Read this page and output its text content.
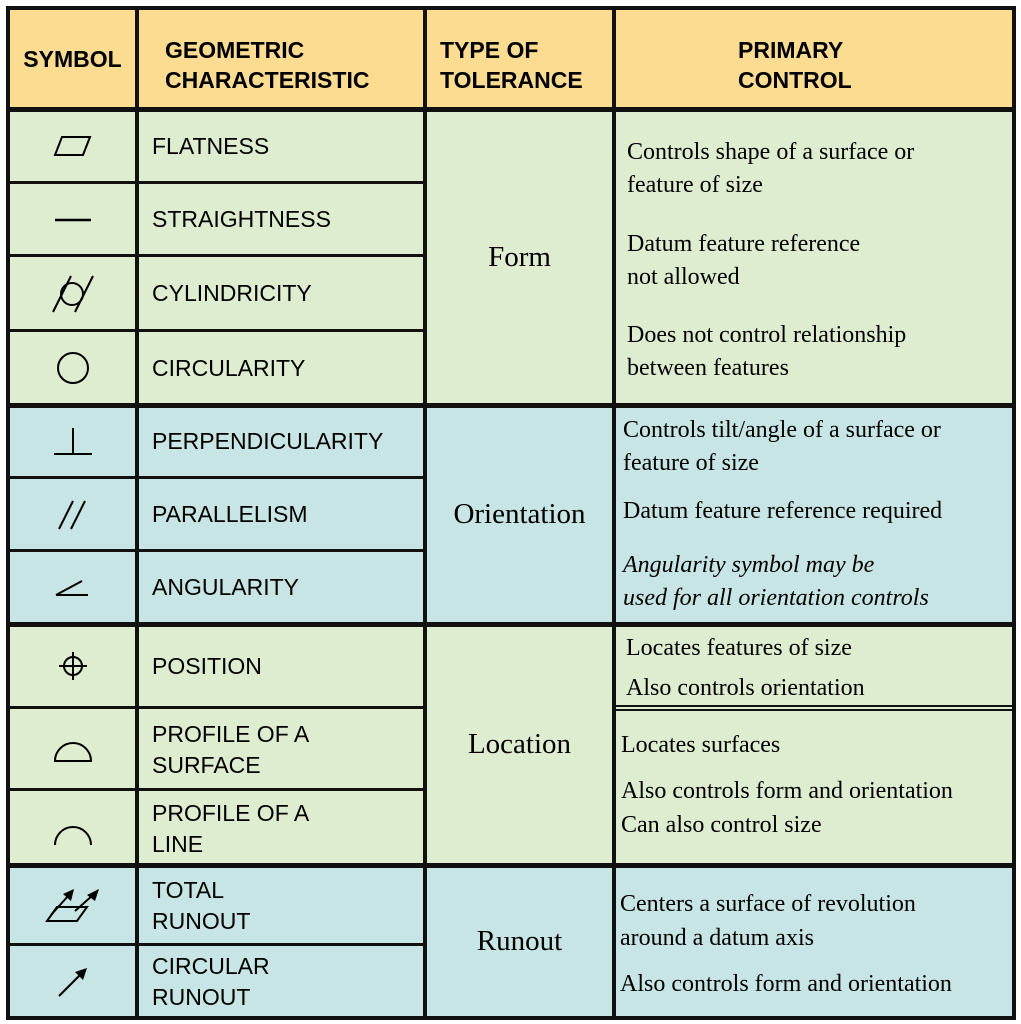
SYMBOL GEOMETRIC
CHARACTERISTIC
TYPE OF
TOLERANCE
PRIMARY
CONTROL
FLATNESS
STRAIGHTNESS
CYLINDRICITY
CIRCULARITY
Form
Controls shape of a surface or
feature of size
Datum feature reference
not allowed
Does not control relationship
between features
PERPENDICULARITY
PARALLELISM
ANGULARITY
Orientation
Controls tilt/angle of a surface or
feature of size
Datum feature reference required
Angularity symbol may be
used for all orientation controls
POSITION
PROFILE OF A
SURFACE
PROFILE OF A
LINE
Location
Locates features of size
Also controls orientation
Locates surfaces
Also controls form and orientation
Can also control size
TOTAL
RUNOUT
CIRCULAR
RUNOUT
Runout
Centers a surface of revolution
around a datum axis
Also controls form and orientation
